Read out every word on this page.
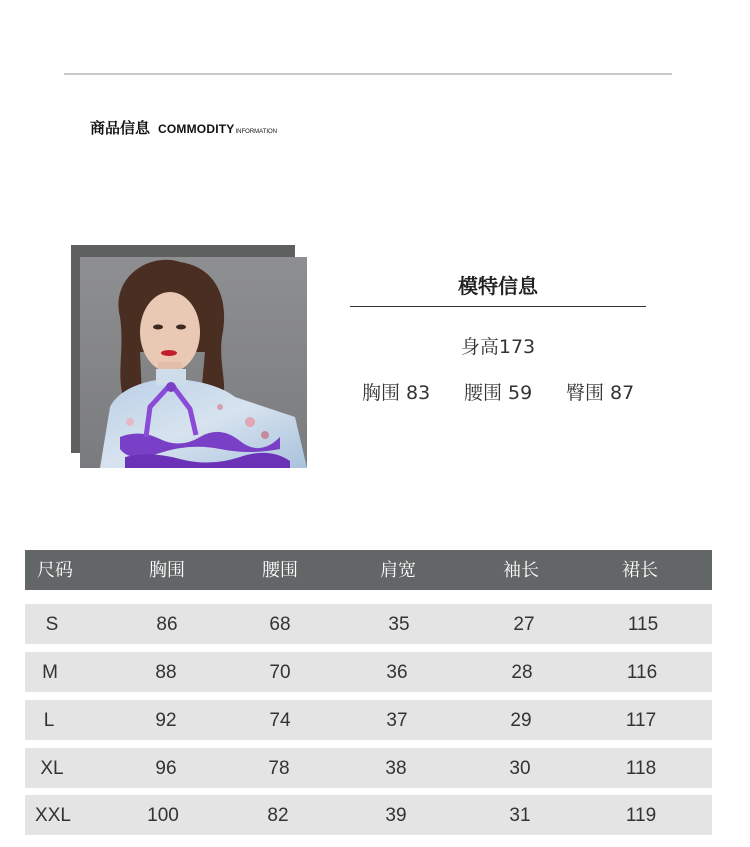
商品信息 COMMODITY INFORMATION
模特信息
身高173
胸围 83 腰围 59 臀围 87
尺码	胸围	腰围	肩宽	袖长	裙长
S	86	68	35	27	115
M	88	70	36	28	116
L	92	74	37	29	117
XL	96	78	38	30	118
XXL	100	82	39	31	119
